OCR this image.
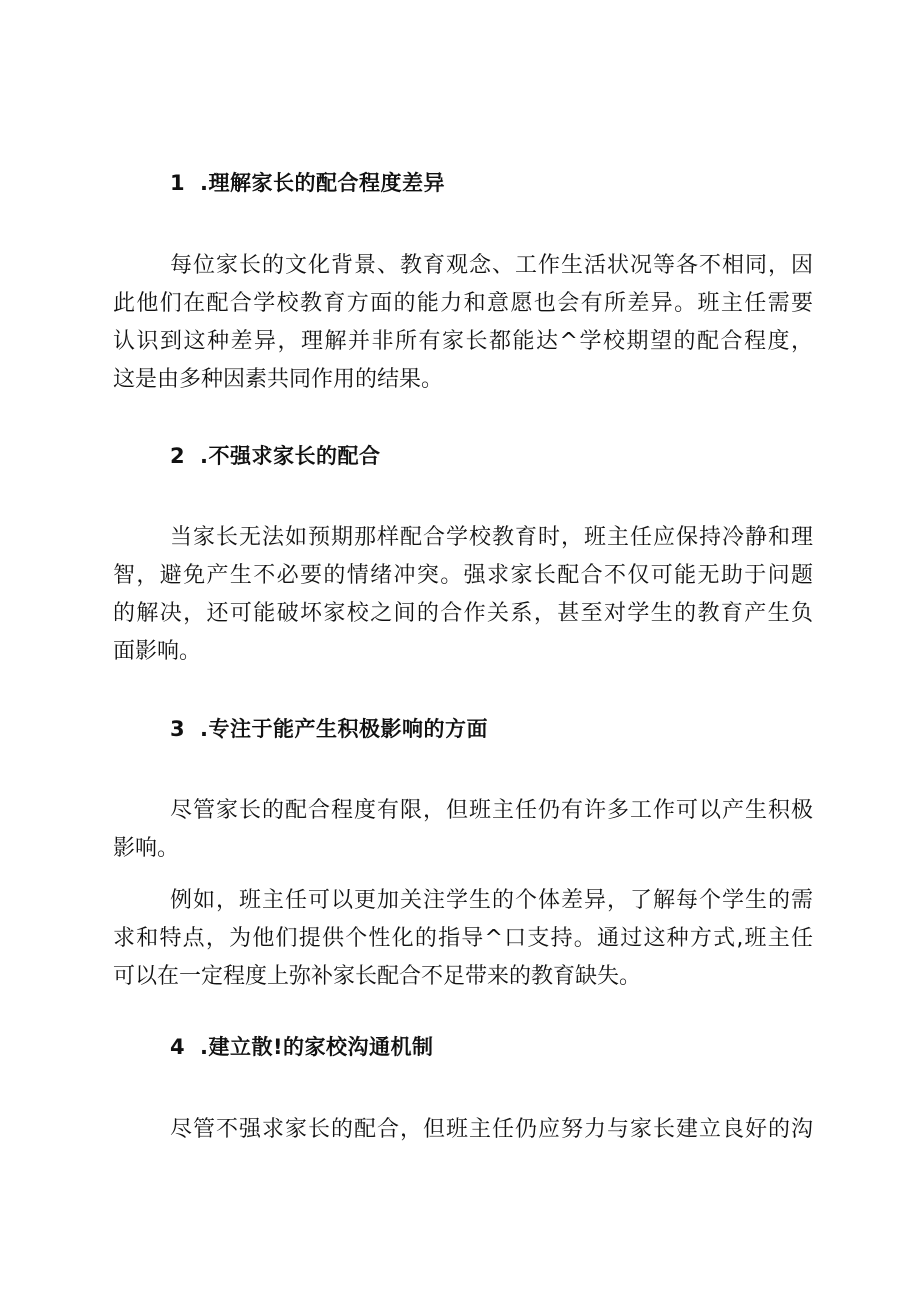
1 .理解家长的配合程度差异

每位家长的文化背景、教育观念、工作生活状况等各不相同，因
此他们在配合学校教育方面的能力和意愿也会有所差异。班主任需要
认识到这种差异，理解并非所有家长都能达^学校期望的配合程度，
这是由多种因素共同作用的结果。

2 .不强求家长的配合

当家长无法如预期那样配合学校教育时，班主任应保持冷静和理
智，避免产生不必要的情绪冲突。强求家长配合不仅可能无助于问题
的解决，还可能破坏家校之间的合作关系，甚至对学生的教育产生负
面影响。

3 .专注于能产生积极影响的方面

尽管家长的配合程度有限，但班主任仍有许多工作可以产生积极
影响。

例如，班主任可以更加关注学生的个体差异，了解每个学生的需
求和特点，为他们提供个性化的指导^口支持。通过这种方式,班主任
可以在一定程度上弥补家长配合不足带来的教育缺失。

4 .建立散!的家校沟通机制

尽管不强求家长的配合，但班主任仍应努力与家长建立良好的沟
